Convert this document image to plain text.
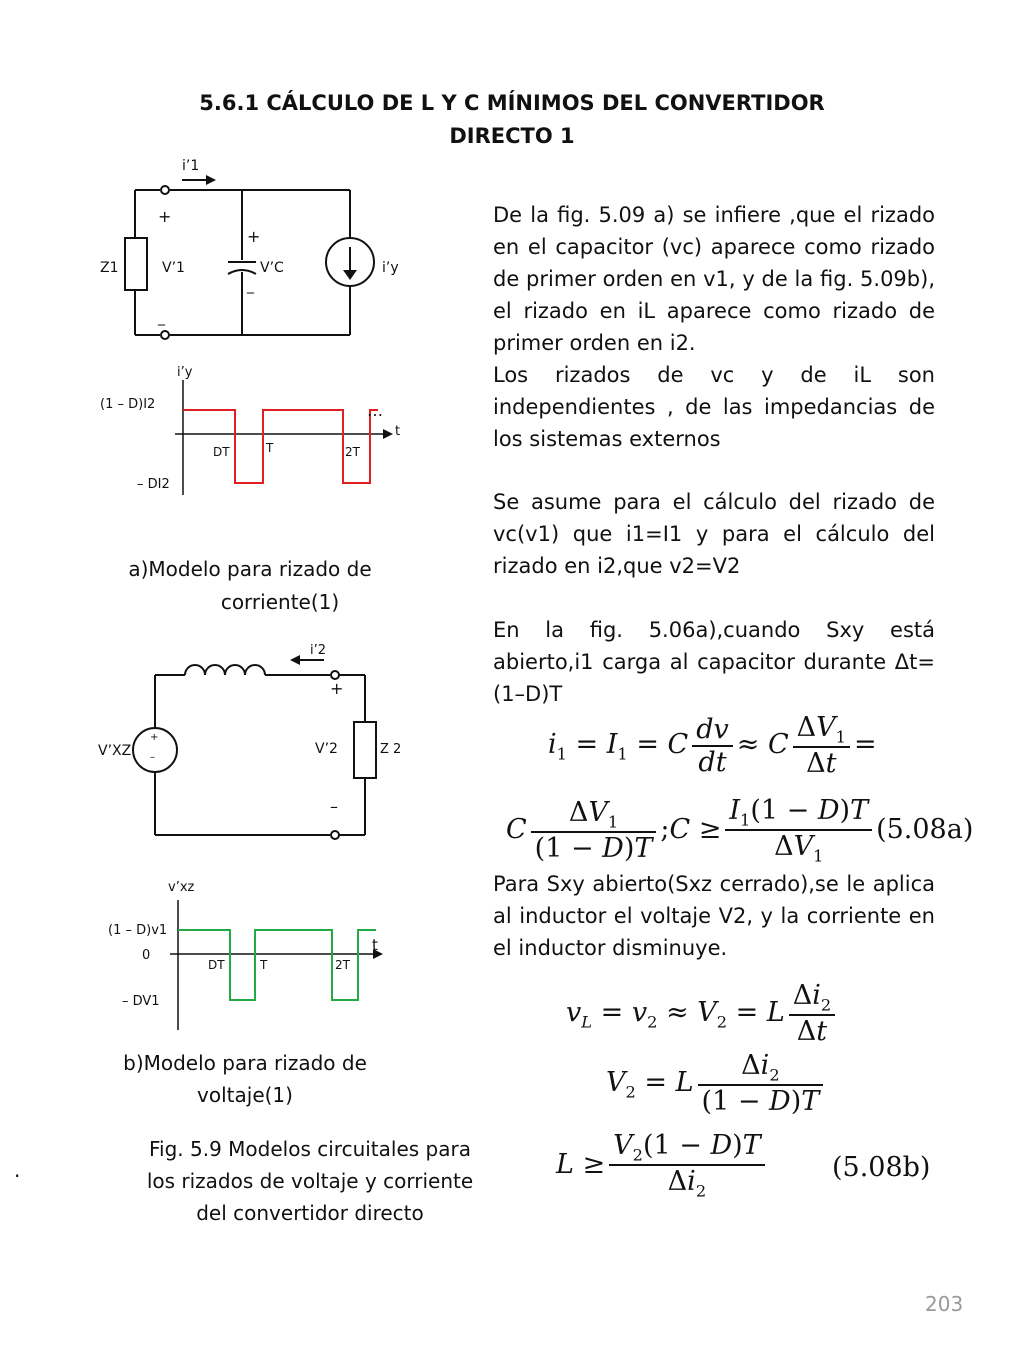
5.6.1 CÁLCULO DE L Y C MÍNIMOS DEL CONVERTIDOR
DIRECTO 1
i’1
+
+
Z1	V’1	V’C	i’y
_
_
i’y
(1 – D)I2	…
t
DT	T	2T
– DI2
a)Modelo para rizado de
corriente(1)
+
–
i’2
+
V’XZ	V’2	Z 2
–
v’xz
(1 – D)v1
0
t
DT	T	2T
– DV1
b)Modelo para rizado de
voltaje(1)
Fig. 5.9 Modelos circuitales para
los rizados de voltaje y corriente
del convertidor directo
.
De la fig. 5.09 a) se infiere ,que el rizado en el capacitor (vc) aparece como rizado de primer orden en v1, y de la fig. 5.09b), el rizado en iL aparece como rizado de primer orden en i2.
Los rizados de vc y de iL son independientes , de las impedancias de los sistemas externos
Se asume para el cálculo del rizado de vc(v1) que i1=I1 y para el cálculo del rizado en i2,que v2=V2
En la fig. 5.06a),cuando Sxy está abierto,i1 carga al capacitor durante Δt=(1–D)T
$i_1 = I_1 = C \frac{dv}{dt} \approx C \frac{\Delta V_1}{\Delta t}$ =
C $\frac{\Delta V_1}{(1 - D)T}$ ;C ≥ $\frac{I_1(1 - D)T}{\Delta V_1} (5.08a)$
Para Sxy abierto(Sxz cerrado),se le aplica al inductor el voltaje V2, y la corriente en el inductor disminuye.
$v_L = v_2 \approx V_2 = L \frac{\Delta i_2}{\Delta t}$
$V_2 = L \frac{\Delta i_2}{(1 - D)T}$
$L \ge \frac{V_2(1 - D)T}{\Delta i_2} (5.08b)$
203
